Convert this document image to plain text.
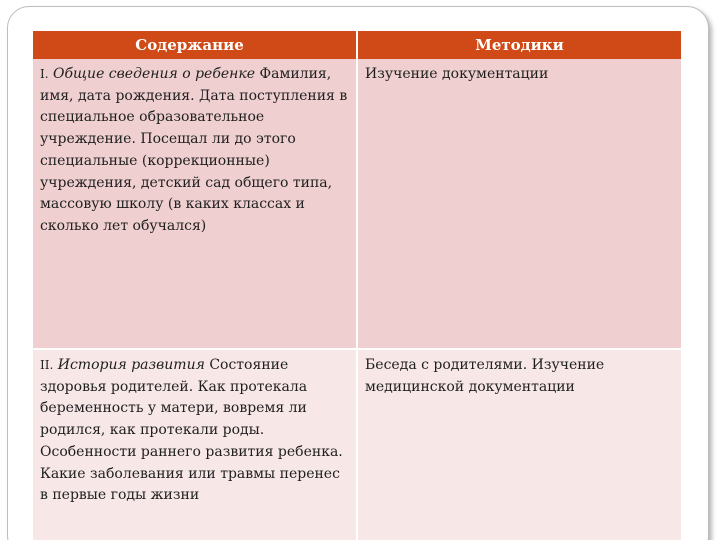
Содержание	Методики
I. Общие сведения о ребенке Фамилия, имя, дата рождения. Дата поступления в специальное образовательное учреждение. Посещал ли до этого специальные (коррекционные) учреждения, детский сад общего типа, массовую школу (в каких классах и сколько лет обучался)	Изучение документации
II. История развития Состояние здоровья родителей. Как протекала беременность у матери, вовремя ли родился, как протекали роды. Особенности раннего развития ребенка. Какие заболевания или травмы перенес в первые годы жизни	Беседа с родителями. Изучение медицинской документации
